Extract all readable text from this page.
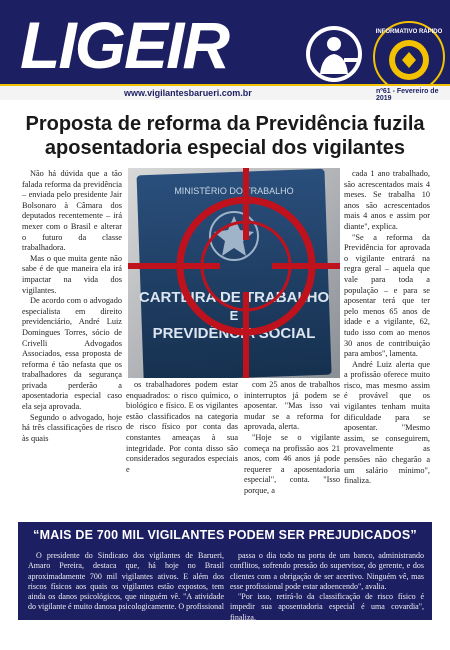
LIGEIR	INFORMATIVO RÁPIDO
www.vigilantesbarueri.com.br	nº61 - Fevereiro de 2019
Proposta de reforma da Previdência fuzila aposentadoria especial dos vigilantes

Não há dúvida que a tão falada reforma da previdência – enviada pelo presidente Jair Bolsonaro à Câmara dos deputados recentemente – irá mexer com o Brasil e alterar o futuro da classe trabalhadora.

Mas o que muita gente não sabe é de que maneira ela irá impactar na vida dos vigilantes.

De acordo com o advogado especialista em direito previdenciário, André Luiz Domingues Torres, sócio de Crivelli Advogados Associados, essa proposta de reforma é tão nefasta que os trabalhadores da segurança privada perderão a aposentadoria especial caso ela seja aprovada.

Segundo o advogado, hoje há três classificações de risco às quais

MINISTÉRIO DO TRABALHO
CARTEIRA DE TRABALHO
E
PREVIDÊNCIA SOCIAL

os trabalhadores podem estar enquadrados: o risco químico, o biológico e físico. E os vigilantes estão classificados na categoria de risco físico por conta das constantes ameaças à sua integridade. Por conta disso são considerados segurados especiais e

com 25 anos de trabalhos ininterruptos já podem se aposentar. "Mas isso vai mudar se a reforma for aprovada, alerta.

"Hoje se o vigilante começa na profissão aos 21 anos, com 46 anos já pode requerer a aposentadoria especial", conta. "Isso porque, a

cada 1 ano trabalhado, são acrescentados mais 4 meses. Se trabalha 10 anos são acrescentados mais 4 anos e assim por diante", explica.

"Se a reforma da Previdência for aprovada o vigilante entrará na regra geral – aquela que vale para toda a população – e para se aposentar terá que ter pelo menos 65 anos de idade e a vigilante, 62, tudo isso com ao menos 30 anos de contribuição para ambos", lamenta.

André Luiz alerta que a profissão oferece muito risco, mas mesmo assim é provável que os vigilantes tenham muita dificuldade para se aposentar. "Mesmo assim, se conseguirem, provavelmente as pensões não chegarão a um salário mínimo", finaliza.

“MAIS DE 700 MIL VIGILANTES PODEM SER PREJUDICADOS”

O presidente do Sindicato dos vigilantes de Barueri, Amaro Pereira, destaca que, há hoje no Brasil aproximadamente 700 mil vigilantes ativos. E além dos riscos físicos aos quais os vigilantes estão expostos, tem ainda os danos psicológicos, que ninguém vê. "A atividade do vigilante é muito danosa psicologicamente. O profissional

passa o dia todo na porta de um banco, administrando conflitos, sofrendo pressão do supervisor, do gerente, e dos clientes com a obrigação de ser acertivo. Ninguém vê, mas esse profissional pode estar adoencendo", avalia.

"Por isso, retirá-lo da classificação de risco físico é impedir sua aposentadoria especial é uma covardia", finaliza.
